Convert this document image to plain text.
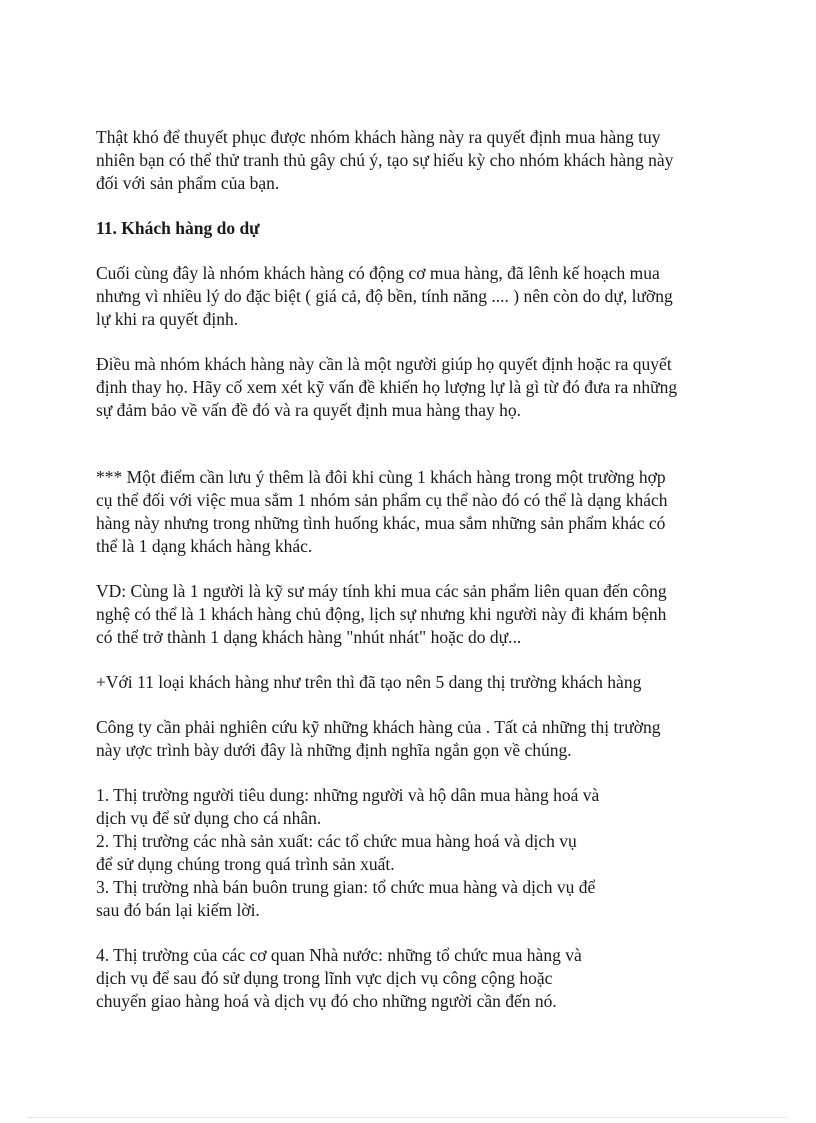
Thật khó để thuyết phục được nhóm khách hàng này ra quyết định mua hàng tuy
nhiên bạn có thể thử tranh thủ gây chú ý, tạo sự hiếu kỳ cho nhóm khách hàng này
đối với sản phẩm của bạn.

11. Khách hàng do dự

Cuối cùng đây là nhóm khách hàng có động cơ mua hàng, đã lênh kế hoạch mua
nhưng vì nhiều lý do đặc biệt ( giá cả, độ bền, tính năng .... ) nên còn do dự, lưỡng
lự khi ra quyết định.

Điều mà nhóm khách hàng này cần là một người giúp họ quyết định hoặc ra quyết
định thay họ. Hãy cố xem xét kỹ vấn đề khiến họ lượng lự là gì từ đó đưa ra những
sự đảm bảo về vấn đề đó và ra quyết định mua hàng thay họ.

*** Một điểm cần lưu ý thêm là đôi khi cùng 1 khách hàng trong một trường hợp
cụ thể đối với việc mua sắm 1 nhóm sản phẩm cụ thể nào đó có thể là dạng khách
hàng này nhưng trong những tình huống khác, mua sắm những sản phẩm khác có
thể là 1 dạng khách hàng khác.

VD: Cùng là 1 người là kỹ sư máy tính khi mua các sản phẩm liên quan đến công
nghệ có thể là 1 khách hàng chủ động, lịch sự nhưng khi người này đi khám bệnh
có thể trở thành 1 dạng khách hàng "nhút nhát" hoặc do dự...

+Với 11 loại khách hàng như trên thì đã tạo nên 5 dang thị trường khách hàng

Công ty cần phải nghiên cứu kỹ những khách hàng của . Tất cả những thị trường
này ược trình bày dưới đây là những định nghĩa ngắn gọn về chúng.

1. Thị trường người tiêu dung: những người và hộ dân mua hàng hoá và
dịch vụ để sử dụng cho cá nhân.
2. Thị trường các nhà sản xuất: các tổ chức mua hàng hoá và dịch vụ
để sử dụng chúng trong quá trình sản xuất.
3. Thị trường nhà bán buôn trung gian: tổ chức mua hàng và dịch vụ để
sau đó bán lại kiếm lời.
4. Thị trường của các cơ quan Nhà nước: những tổ chức mua hàng và
dịch vụ để sau đó sử dụng trong lĩnh vực dịch vụ công cộng hoặc
chuyển giao hàng hoá và dịch vụ đó cho những người cần đến nó.
